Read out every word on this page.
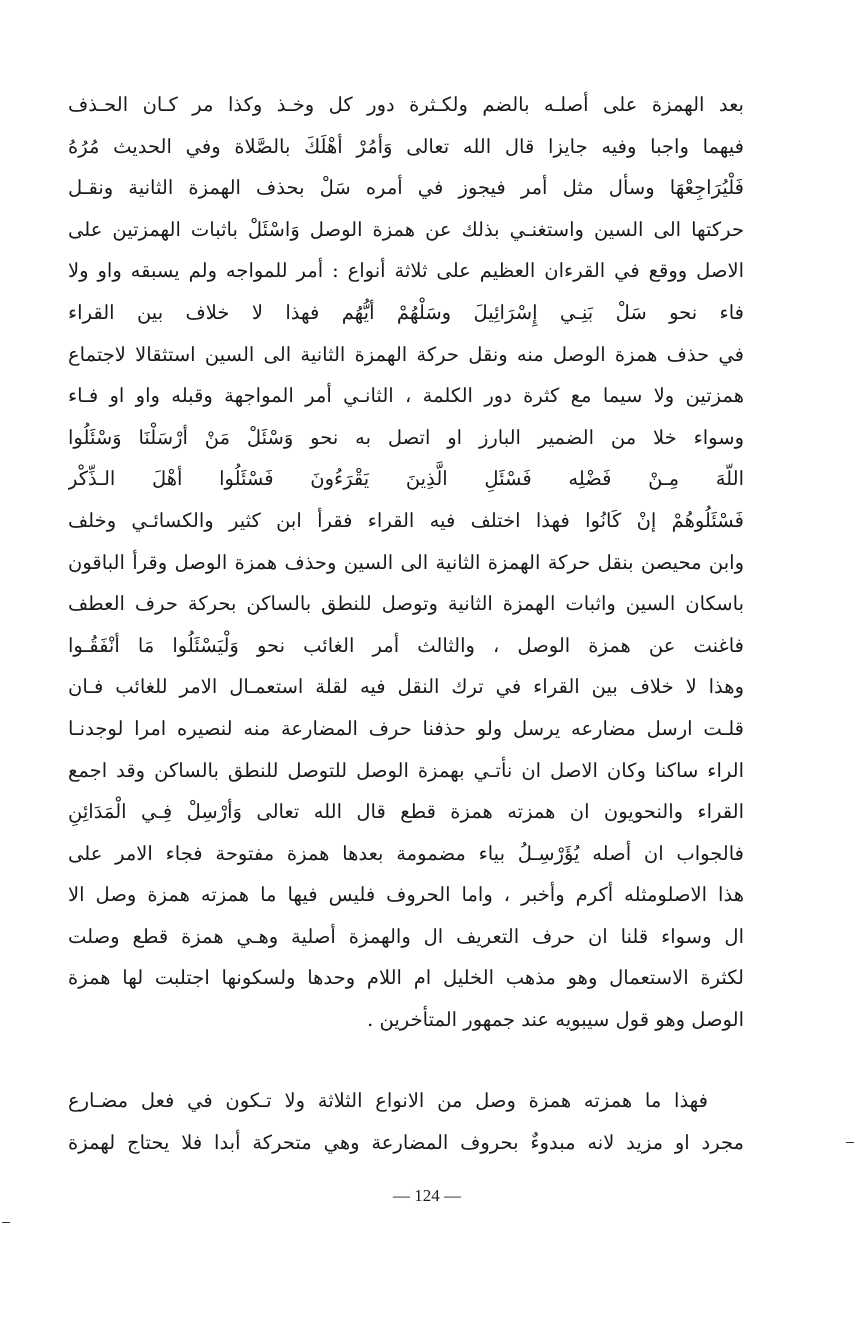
بعد الهمزة على أصلـه بالضم ولكـثرة دور كل وخـذ وكذا مر كـان الحـذف
فيهما واجبا وفيه جايزا قال الله تعالى وَأمُرْ أهْلَكَ بالصَّلاة وفي الحديث مُرُهُ
فَلْيُرَاجِعْهَا وسأل مثل أمر فيجوز في أمره سَلْ بحذف الهمزة الثانية ونقـل
حركتها الى السين واستغنـي بذلك عن همزة الوصل وَاسْئَلْ باثبات الهمزتين على
الاصل ووقع في القرءان العظيم على ثلاثة أنواع : أمر للمواجه ولم يسبقه واو ولا
فاء نحو سَلْ بَنِـي إِسْرَائِيلَ وسَلْهُمْ أيُّهُم فهذا لا خلاف بين القراء
في حذف همزة الوصل منه ونقل حركة الهمزة الثانية الى السين استثقالا لاجتماع
همزتين ولا سيما مع كثرة دور الكلمة ، الثانـي أمر المواجهة وقبله واو او فـاء
وسواء خلا من الضمير البارز او اتصل به نحو وَسْئَلْ مَنْ أرْسَلْنَا وَسْئَلُوا
اللّهَ مِـنْ فَضْلِه فَسْئَلِ الَّذِينَ يَقْرَءُونَ فَسْئَلُوا أهْلَ الـذِّكْر
فَسْئَلُوهُمْ إنْ كَانُوا فهذا اختلف فيه القراء فقرأ ابن كثير والكسائـي وخلف
وابن محيصن بنقل حركة الهمزة الثانية الى السين وحذف همزة الوصل وقرأ الباقون
باسكان السين واثبات الهمزة الثانية وتوصل للنطق بالساكن بحركة حرف العطف
فاغنت عن همزة الوصل ، والثالث أمر الغائب نحو وَلْيَسْئَلُوا مَا أنْفَقُـوا
وهذا لا خلاف بين القراء في ترك النقل فيه لقلة استعمـال الامر للغائب فـان
قلـت ارسل مضارعه يرسل ولو حذفنا حرف المضارعة منه لنصيره امرا لوجدنـا
الراء ساكنا وكان الاصل ان نأتـي بهمزة الوصل للتوصل للنطق بالساكن وقد اجمع
القراء والنحويون ان همزته همزة قطع قال الله تعالى وَأرْسِلْ فِـي الْمَدَائِنِ
فالجواب ان أصله يُؤَرْسِـلُ بياء مضمومة بعدها همزة مفتوحة فجاء الامر على
هذا الاصلومثله أكرم وأخبر ، واما الحروف فليس فيها ما همزته همزة وصل الا
ال وسواء قلنا ان حرف التعريف ال والهمزة أصلية وهـي همزة قطع وصلت
لكثرة الاستعمال وهو مذهب الخليل ام اللام وحدها ولسكونها اجتلبت لها همزة
الوصل وهو قول سيبويه عند جمهور المتأخرين .
فهذا ما همزته همزة وصل من الانواع الثلاثة ولا تـكون في فعل مضـارع
مجرد او مزيد لانه مبدوءٌ بحروف المضارعة وهي متحركة أبدا فلا يحتاج لهمزة
— 124 —
